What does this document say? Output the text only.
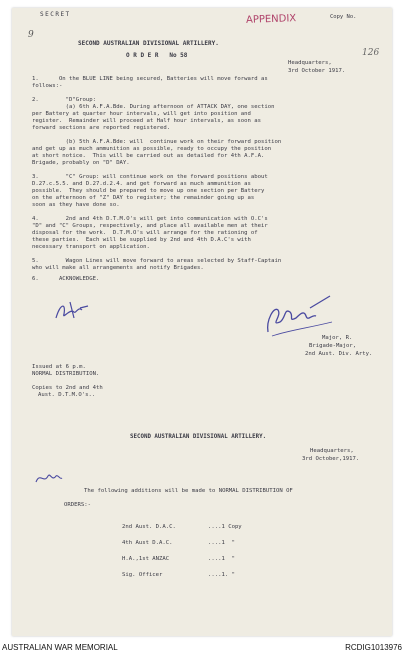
SECRET
9
APPENDIX	Copy No.
126
SECOND AUSTRALIAN DIVISIONAL ARTILLERY.
O R D E R   No 58
Headquarters,
3rd October 1917.
1.      On the BLUE LINE being secured, Batteries will move forward as
follows:-
2.        "D"Group:
(a) 6th A.F.A.Bde. During afternoon of ATTACK DAY, one section
per Battery at quarter hour intervals, will get into position and
register.  Remainder will proceed at Half hour intervals, as soon as
forward sections are reported registered.
(b) 5th A.F.A.Bde: will  continue work on their forward position
and get up as much ammunition as possible, ready to occupy the position
at short notice.  This will be carried out as detailed for 4th A.F.A.
Brigade, probably on "D" DAY.
3.        "C" Group: will continue work on the forward positions about
D.27.c.5.5. and D.27.d.2.4. and get forward as much ammunition as
possible.  They should be prepared to move up one section per Battery
on the afternoon of "Z" DAY to register; the remainder going up as
soon as they have done so.
4.        2nd and 4th D.T.M.O's will get into communication with O.C's
"D" and "C" Groups, respectively, and place all available men at their
disposal for the work.  D.T.M.O's will arrange for the rationing of
these parties.  Each will be supplied by 2nd and 4th D.A.C's with
necessary transport on application.
5.        Wagon Lines will move forward to areas selected by Staff-Captain
who will make all arrangements and notify Brigades.
6.      ACKNOWLEDGE.
Major, R.
Brigade-Major,
2nd Aust. Div. Arty.
Issued at 6 p.m.
NORMAL DISTRIBUTION.
Copies to 2nd and 4th
Aust. D.T.M.O's..
SECOND AUSTRALIAN DIVISIONAL ARTILLERY.
Headquarters,
3rd October,1917.
The following additions will be made to NORMAL DISTRIBUTION OF
ORDERS:-
2nd Aust. D.A.C.	....1 Copy
4th Aust D.A.C.	....1  "
H.A.,1st ANZAC	....1  "
Sig. Officer	....1. "
AUSTRALIAN WAR MEMORIAL	RCDIG1013976
